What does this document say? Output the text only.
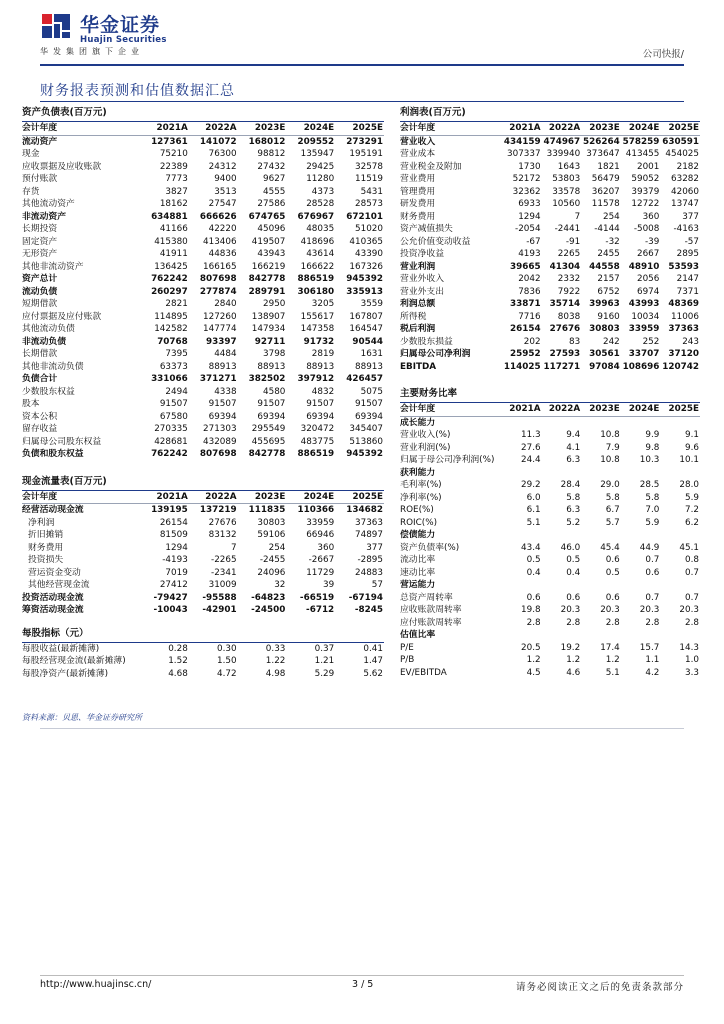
华金证券
Huajin Securities
华发集团旗下企业	公司快报/
财务报表预测和估值数据汇总
资产负债表(百万元)					
会计年度	2021A	2022A	2023E	2024E	2025E
流动资产	127361	141072	168012	209552	273291
现金	75210	76300	98812	135947	195191
应收票据及应收账款	22389	24312	27432	29425	32578
预付账款	7773	9400	9627	11280	11519
存货	3827	3513	4555	4373	5431
其他流动资产	18162	27547	27586	28528	28573
非流动资产	634881	666626	674765	676967	672101
长期投资	41166	42220	45096	48035	51020
固定资产	415380	413406	419507	418696	410365
无形资产	41911	44836	43943	43614	43390
其他非流动资产	136425	166165	166219	166622	167326
资产总计	762242	807698	842778	886519	945392
流动负债	260297	277874	289791	306180	335913
短期借款	2821	2840	2950	3205	3559
应付票据及应付账款	114895	127260	138907	155617	167807
其他流动负债	142582	147774	147934	147358	164547
非流动负债	70768	93397	92711	91732	90544
长期借款	7395	4484	3798	2819	1631
其他非流动负债	63373	88913	88913	88913	88913
负债合计	331066	371271	382502	397912	426457
少数股东权益	2494	4338	4580	4832	5075
股本	91507	91507	91507	91507	91507
资本公积	67580	69394	69394	69394	69394
留存收益	270335	271303	295549	320472	345407
归属母公司股东权益	428681	432089	455695	483775	513860
负债和股东权益	762242	807698	842778	886519	945392
现金流量表(百万元)					
会计年度	2021A	2022A	2023E	2024E	2025E
经营活动现金流	139195	137219	111835	110366	134682
净利润	26154	27676	30803	33959	37363
折旧摊销	81509	83132	59106	66946	74897
财务费用	1294	7	254	360	377
投资损失	-4193	-2265	-2455	-2667	-2895
营运资金变动	7019	-2341	24096	11729	24883
其他经营现金流	27412	31009	32	39	57
投资活动现金流	-79427	-95588	-64823	-66519	-67194
筹资活动现金流	-10043	-42901	-24500	-6712	-8245
每股指标（元）					
每股收益(最新摊薄)	0.28	0.30	0.33	0.37	0.41
每股经营现金流(最新摊薄)	1.52	1.50	1.22	1.21	1.47
每股净资产(最新摊薄)	4.68	4.72	4.98	5.29	5.62
利润表(百万元)					
会计年度	2021A	2022A	2023E	2024E	2025E
营业收入	434159	474967	526264	578259	630591
营业成本	307337	339940	373647	413455	454025
营业税金及附加	1730	1643	1821	2001	2182
营业费用	52172	53803	56479	59052	63282
管理费用	32362	33578	36207	39379	42060
研发费用	6933	10560	11578	12722	13747
财务费用	1294	7	254	360	377
资产减值损失	-2054	-2441	-4144	-5008	-4163
公允价值变动收益	-67	-91	-32	-39	-57
投资净收益	4193	2265	2455	2667	2895
营业利润	39665	41304	44558	48910	53593
营业外收入	2042	2332	2157	2056	2147
营业外支出	7836	7922	6752	6974	7371
利润总额	33871	35714	39963	43993	48369
所得税	7716	8038	9160	10034	11006
税后利润	26154	27676	30803	33959	37363
少数股东损益	202	83	242	252	243
归属母公司净利润	25952	27593	30561	33707	37120
EBITDA	114025	117271	97084	108696	120742
主要财务比率					
会计年度	2021A	2022A	2023E	2024E	2025E
成长能力					
营业收入(%)	11.3	9.4	10.8	9.9	9.1
营业利润(%)	27.6	4.1	7.9	9.8	9.6
归属于母公司净利润(%)	24.4	6.3	10.8	10.3	10.1
获利能力					
毛利率(%)	29.2	28.4	29.0	28.5	28.0
净利率(%)	6.0	5.8	5.8	5.8	5.9
ROE(%)	6.1	6.3	6.7	7.0	7.2
ROIC(%)	5.1	5.2	5.7	5.9	6.2
偿债能力					
资产负债率(%)	43.4	46.0	45.4	44.9	45.1
流动比率	0.5	0.5	0.6	0.7	0.8
速动比率	0.4	0.4	0.5	0.6	0.7
营运能力					
总资产周转率	0.6	0.6	0.6	0.7	0.7
应收账款周转率	19.8	20.3	20.3	20.3	20.3
应付账款周转率	2.8	2.8	2.8	2.8	2.8
估值比率					
P/E	20.5	19.2	17.4	15.7	14.3
P/B	1.2	1.2	1.2	1.1	1.0
EV/EBITDA	4.5	4.6	5.1	4.2	3.3
资料来源：贝恩、华金证券研究所
http://www.huajinsc.cn/	3 / 5	请务必阅读正文之后的免责条款部分
